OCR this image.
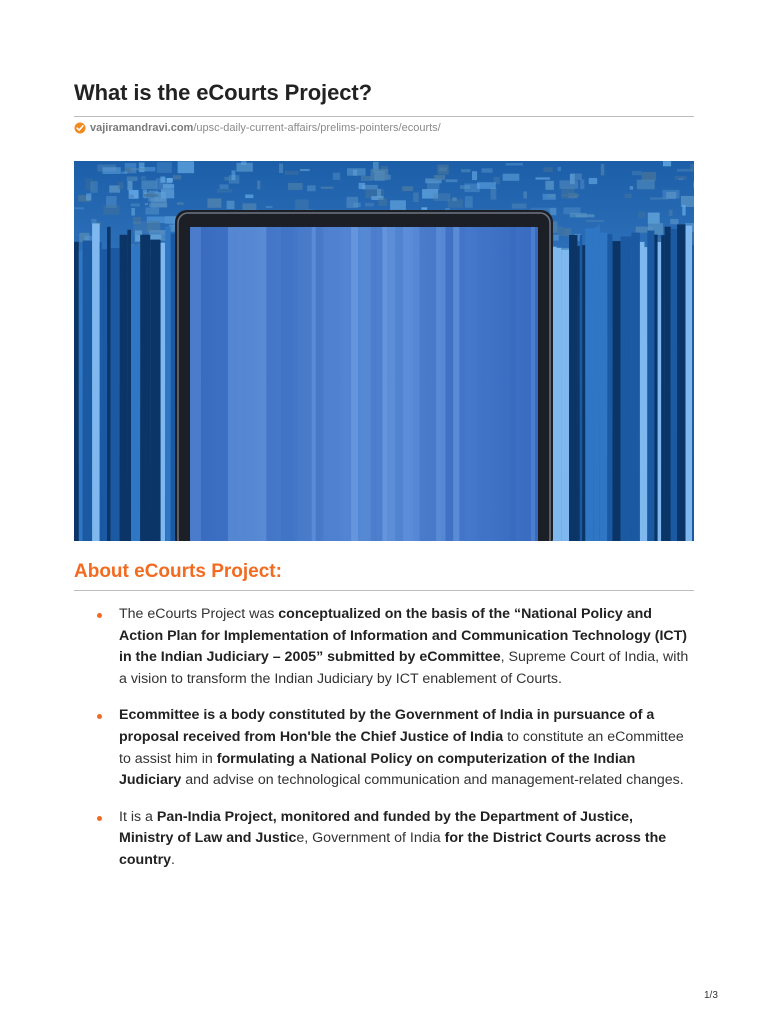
What is the eCourts Project?
vajiramandravi.com/upsc-daily-current-affairs/prelims-pointers/ecourts/
About eCourts Project:
The eCourts Project was conceptualized on the basis of the “National Policy and Action Plan for Implementation of Information and Communication Technology (ICT) in the Indian Judiciary – 2005” submitted by eCommittee, Supreme Court of India, with a vision to transform the Indian Judiciary by ICT enablement of Courts.
Ecommittee is a body constituted by the Government of India in pursuance of a proposal received from Hon'ble the Chief Justice of India to constitute an eCommittee to assist him in formulating a National Policy on computerization of the Indian Judiciary and advise on technological communication and management-related changes.
It is a Pan-India Project, monitored and funded by the Department of Justice, Ministry of Law and Justice, Government of India for the District Courts across the country.
1/3
